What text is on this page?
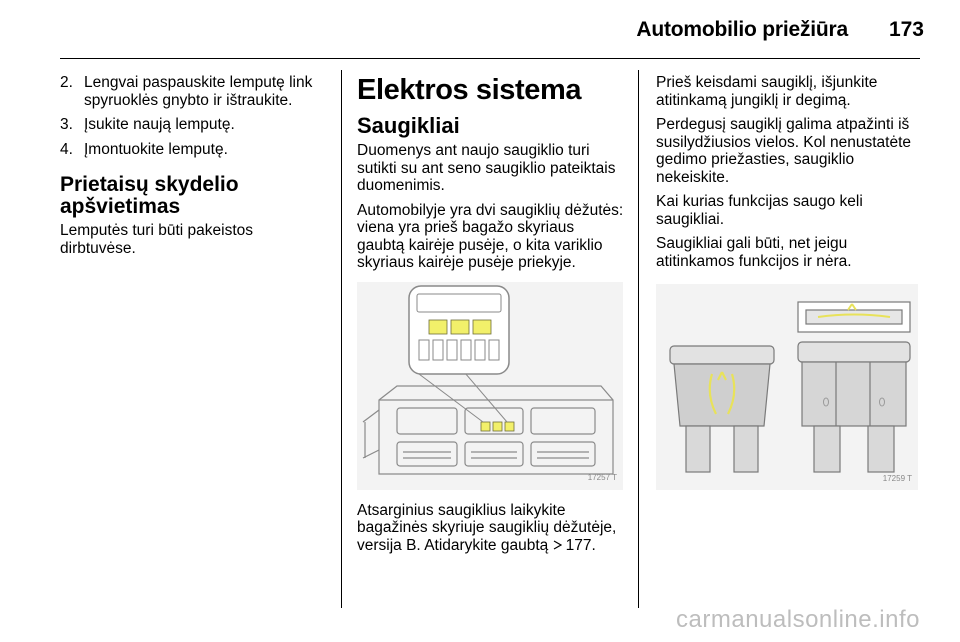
Automobilio priežiūra	173
2. Lengvai paspauskite lemputę link spyruoklės gnybto ir ištraukite.
3. Įsukite naują lemputę.
4. Įmontuokite lemputę.
Prietaisų skydelio apšvietimas

Lemputės turi būti pakeistos dirbtuvėse.

Elektros sistema
Saugikliai

Duomenys ant naujo saugiklio turi sutikti su ant seno saugiklio pateiktais duomenimis.

Automobilyje yra dvi saugiklių dėžutės: viena yra prieš bagažo skyriaus gaubtą kairėje pusėje, o kita variklio skyriaus kairėje pusėje priekyje.

17257 T

Atsarginius saugiklius laikykite bagažinės skyriuje saugiklių dėžutėje, versija B. Atidarykite gaubtą 177.

Prieš keisdami saugiklį, išjunkite atitinkamą jungiklį ir degimą.

Perdegusį saugiklį galima atpažinti iš susilydžiusios vielos. Kol nenustatėte gedimo priežasties, saugiklio nekeiskite.

Kai kurias funkcijas saugo keli saugikliai.

Saugikliai gali būti, net jeigu atitinkamos funkcijos ir nėra.

17259 T
carmanualsonline.info
